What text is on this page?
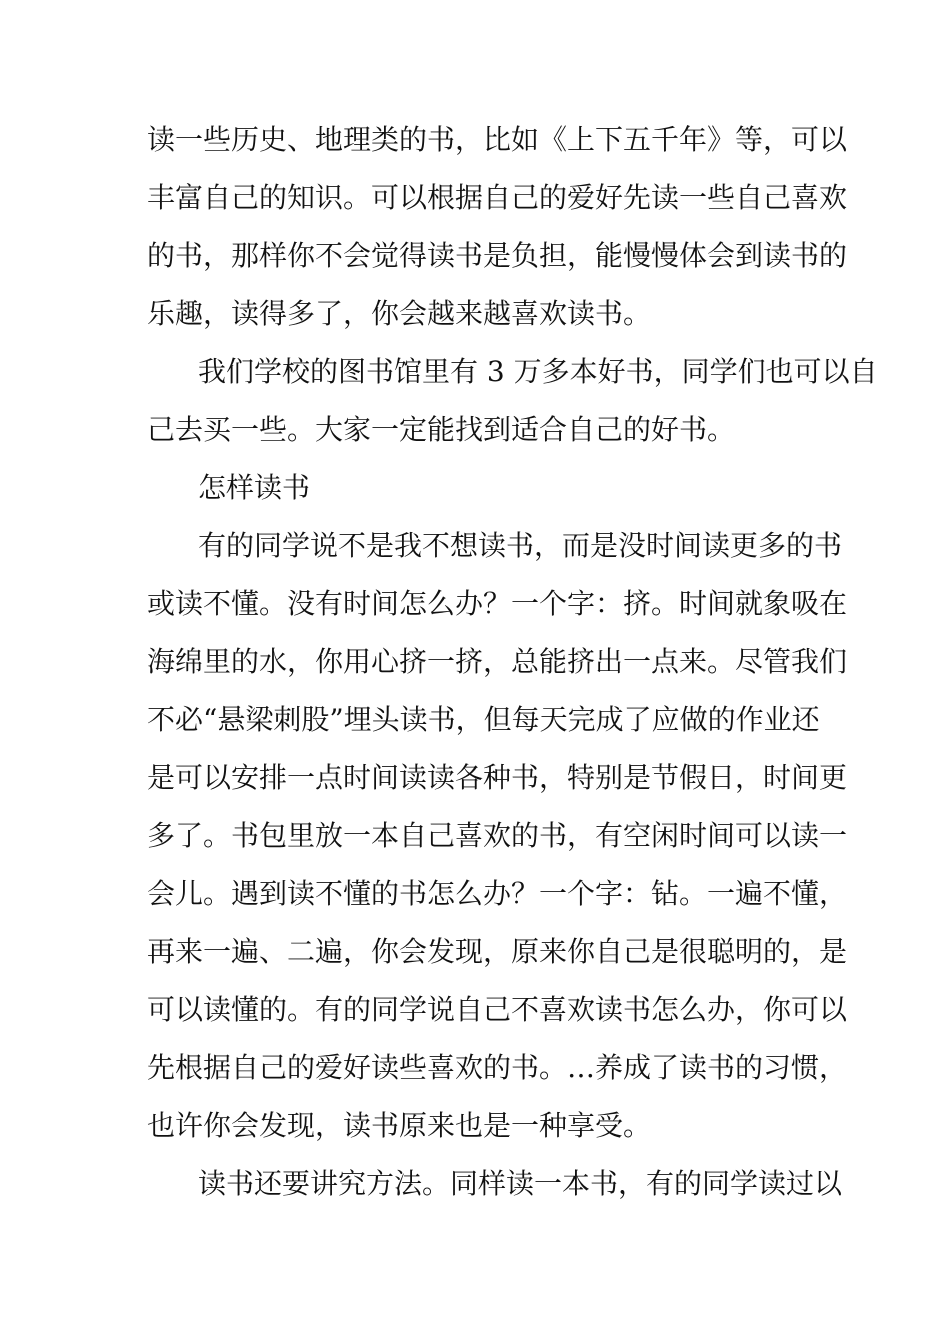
读一些历史、地理类的书，比如《上下五千年》等，可以
丰富自己的知识。可以根据自己的爱好先读一些自己喜欢
的书，那样你不会觉得读书是负担，能慢慢体会到读书的
乐趣，读得多了，你会越来越喜欢读书。
我们学校的图书馆里有 3 万多本好书，同学们也可以自
己去买一些。大家一定能找到适合自己的好书。
怎样读书
有的同学说不是我不想读书，而是没时间读更多的书
或读不懂。没有时间怎么办？一个字：挤。时间就象吸在
海绵里的水，你用心挤一挤，总能挤出一点来。尽管我们
不必“悬梁刺股”埋头读书，但每天完成了应做的作业还
是可以安排一点时间读读各种书，特别是节假日，时间更
多了。书包里放一本自己喜欢的书，有空闲时间可以读一
会儿。遇到读不懂的书怎么办？一个字：钻。一遍不懂，
再来一遍、二遍，你会发现，原来你自己是很聪明的，是
可以读懂的。有的同学说自己不喜欢读书怎么办，你可以
先根据自己的爱好读些喜欢的书。…养成了读书的习惯，
也许你会发现，读书原来也是一种享受。
读书还要讲究方法。同样读一本书，有的同学读过以
